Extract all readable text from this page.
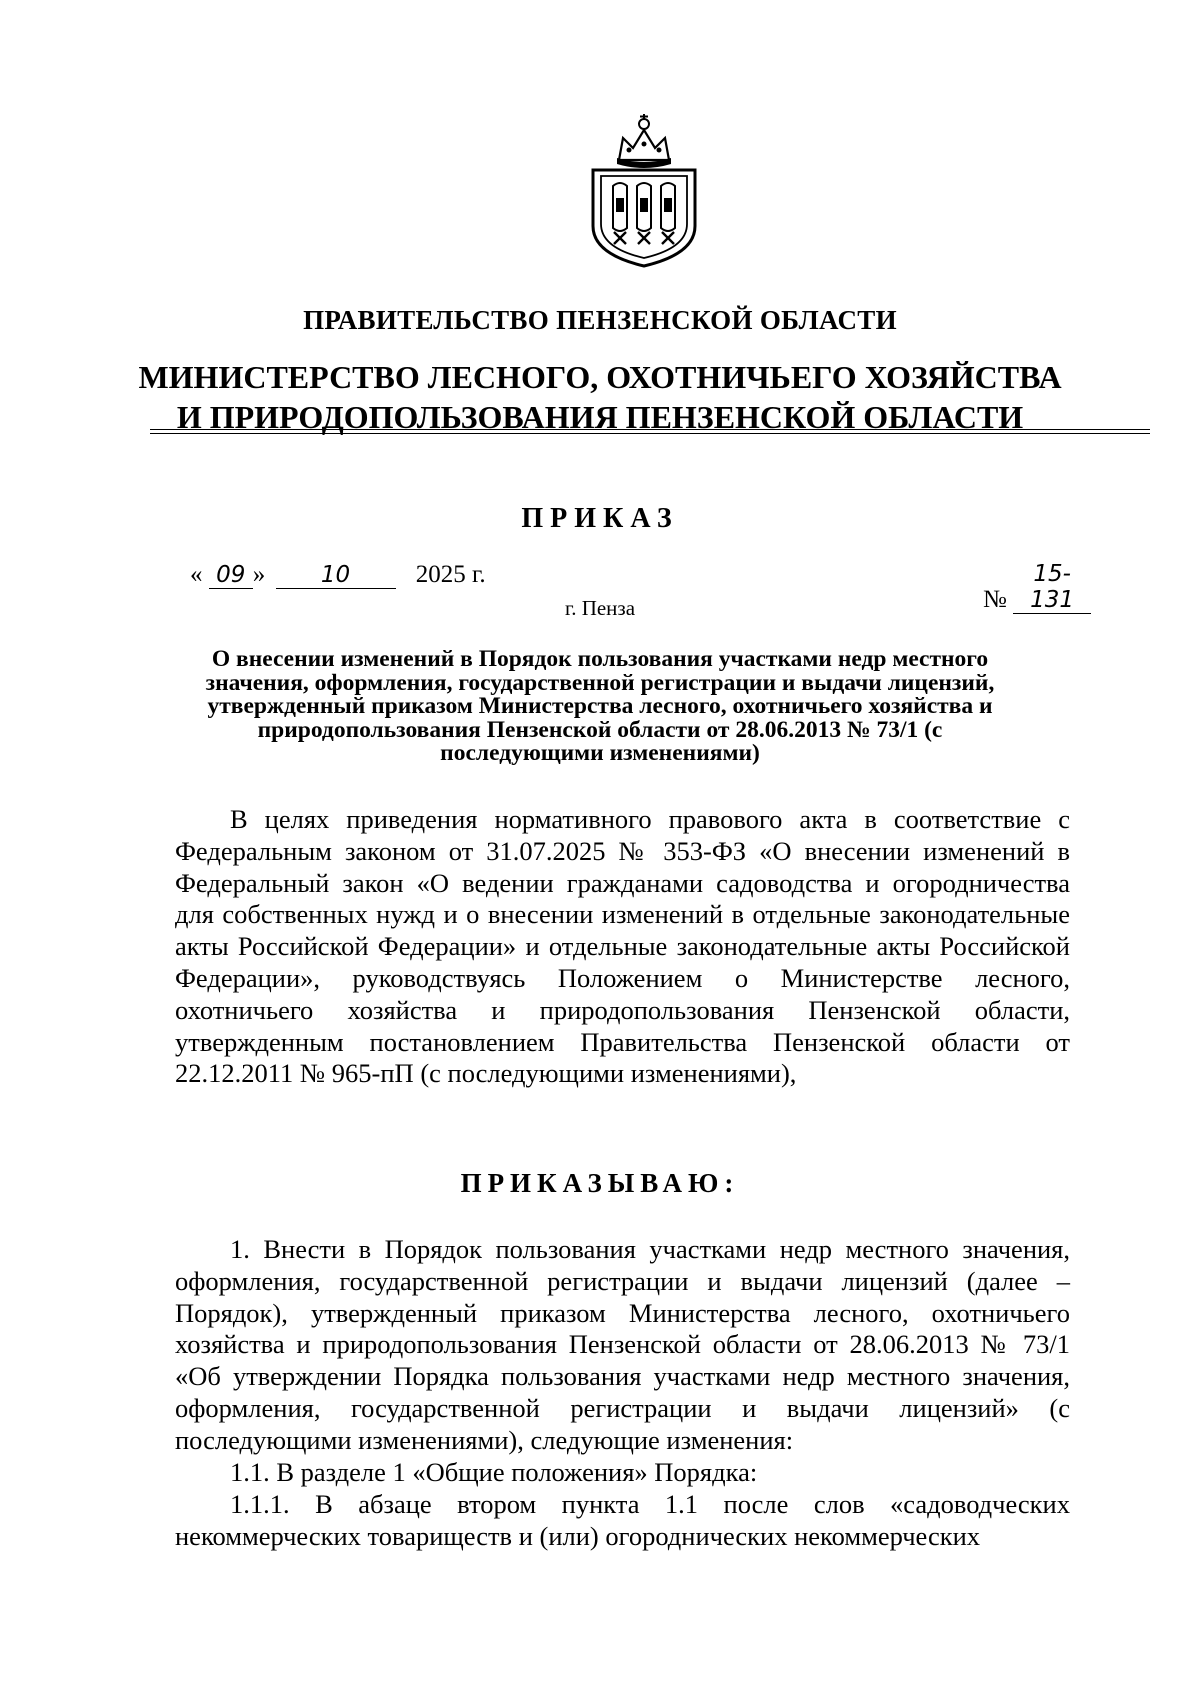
ПРАВИТЕЛЬСТВО ПЕНЗЕНСКОЙ ОБЛАСТИ
МИНИСТЕРСТВО ЛЕСНОГО, ОХОТНИЧЬЕГО ХОЗЯЙСТВА
И ПРИРОДОПОЛЬЗОВАНИЯ ПЕНЗЕНСКОЙ ОБЛАСТИ
ПРИКАЗ
« 09 » 10	2025 г.
№ 15-131
г. Пенза
О внесении изменений в Порядок пользования участками недр местного значения, оформления, государственной регистрации и выдачи лицензий, утвержденный приказом Министерства лесного, охотничьего хозяйства и природопользования Пензенской области от 28.06.2013 № 73/1 (с последующими изменениями)
В целях приведения нормативного правового акта в соответствие с Федеральным законом от 31.07.2025 № 353-ФЗ «О внесении изменений в Федеральный закон «О ведении гражданами садоводства и огородничества для собственных нужд и о внесении изменений в отдельные законодательные акты Российской Федерации» и отдельные законодательные акты Российской Федерации», руководствуясь Положением о Министерстве лесного, охотничьего хозяйства и природопользования Пензенской области, утвержденным постановлением Правительства Пензенской области от 22.12.2011 № 965-пП (с последующими изменениями),
ПРИКАЗЫВАЮ:
1. Внести в Порядок пользования участками недр местного значения, оформления, государственной регистрации и выдачи лицензий (далее – Порядок), утвержденный приказом Министерства лесного, охотничьего хозяйства и природопользования Пензенской области от 28.06.2013 № 73/1 «Об утверждении Порядка пользования участками недр местного значения, оформления, государственной регистрации и выдачи лицензий» (с последующими изменениями), следующие изменения:
1.1. В разделе 1 «Общие положения» Порядка:
1.1.1. В абзаце втором пункта 1.1 после слов «садоводческих некоммерческих товариществ и (или) огороднических некоммерческих
